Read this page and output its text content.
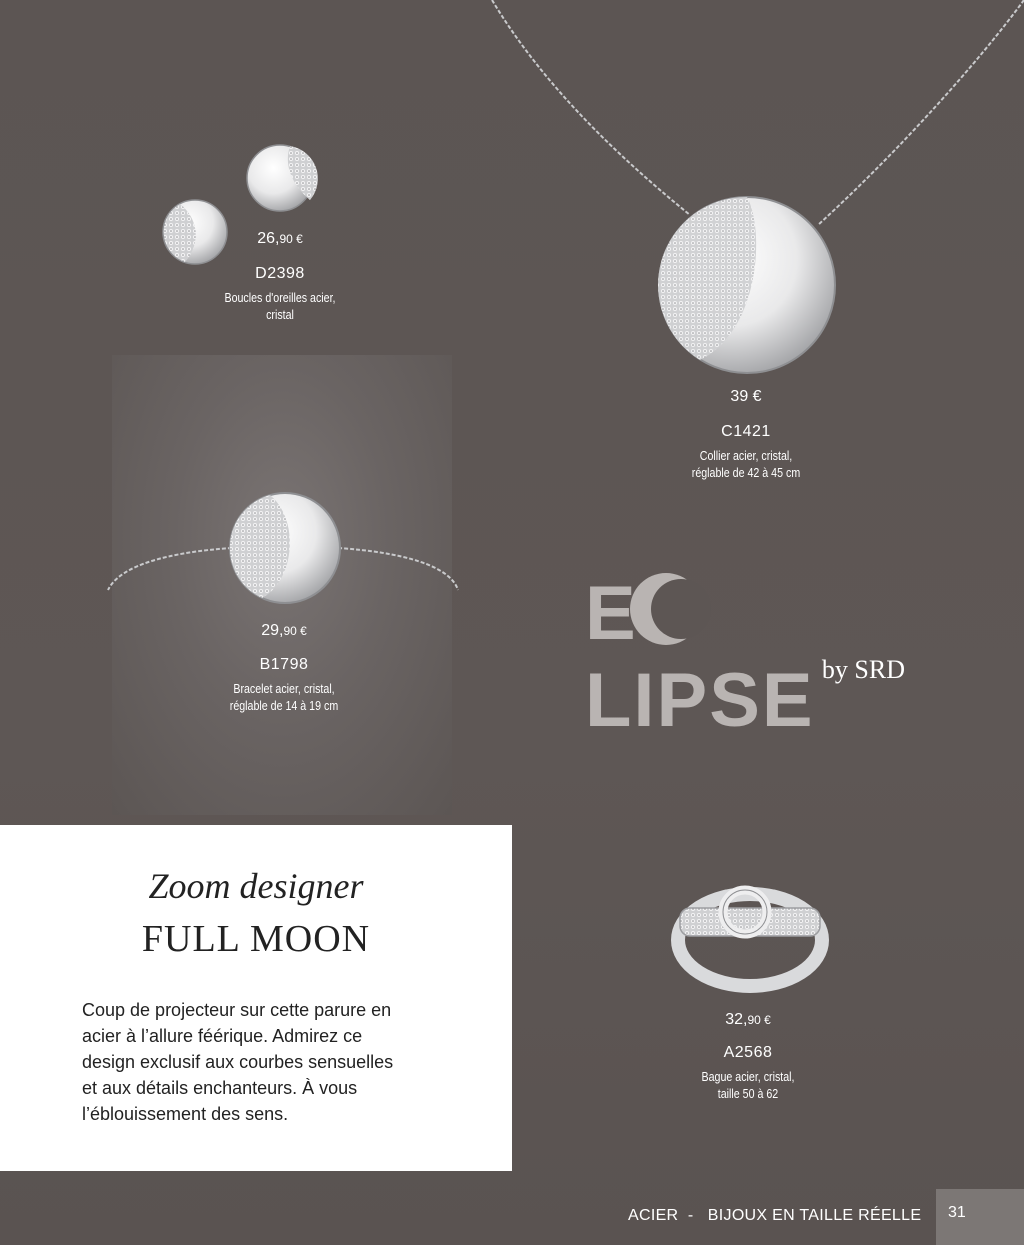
26,90 €
D2398
Boucles d'oreilles acier,
cristal
39 €
C1421
Collier acier, cristal,
réglable de 42 à 45 cm
29,90 €
B1798
Bracelet acier, cristal,
réglable de 14 à 19 cm
ELIPSE by SRD
Zoom designer
FULL MOON
Coup de projecteur sur cette parure en
acier à l’allure féérique. Admirez ce
design exclusif aux courbes sensuelles
et aux détails enchanteurs. À vous
l’éblouissement des sens.
32,90 €
A2568
Bague acier, cristal,
taille 50 à 62
ACIER - BIJOUX EN TAILLE RÉELLE	31
